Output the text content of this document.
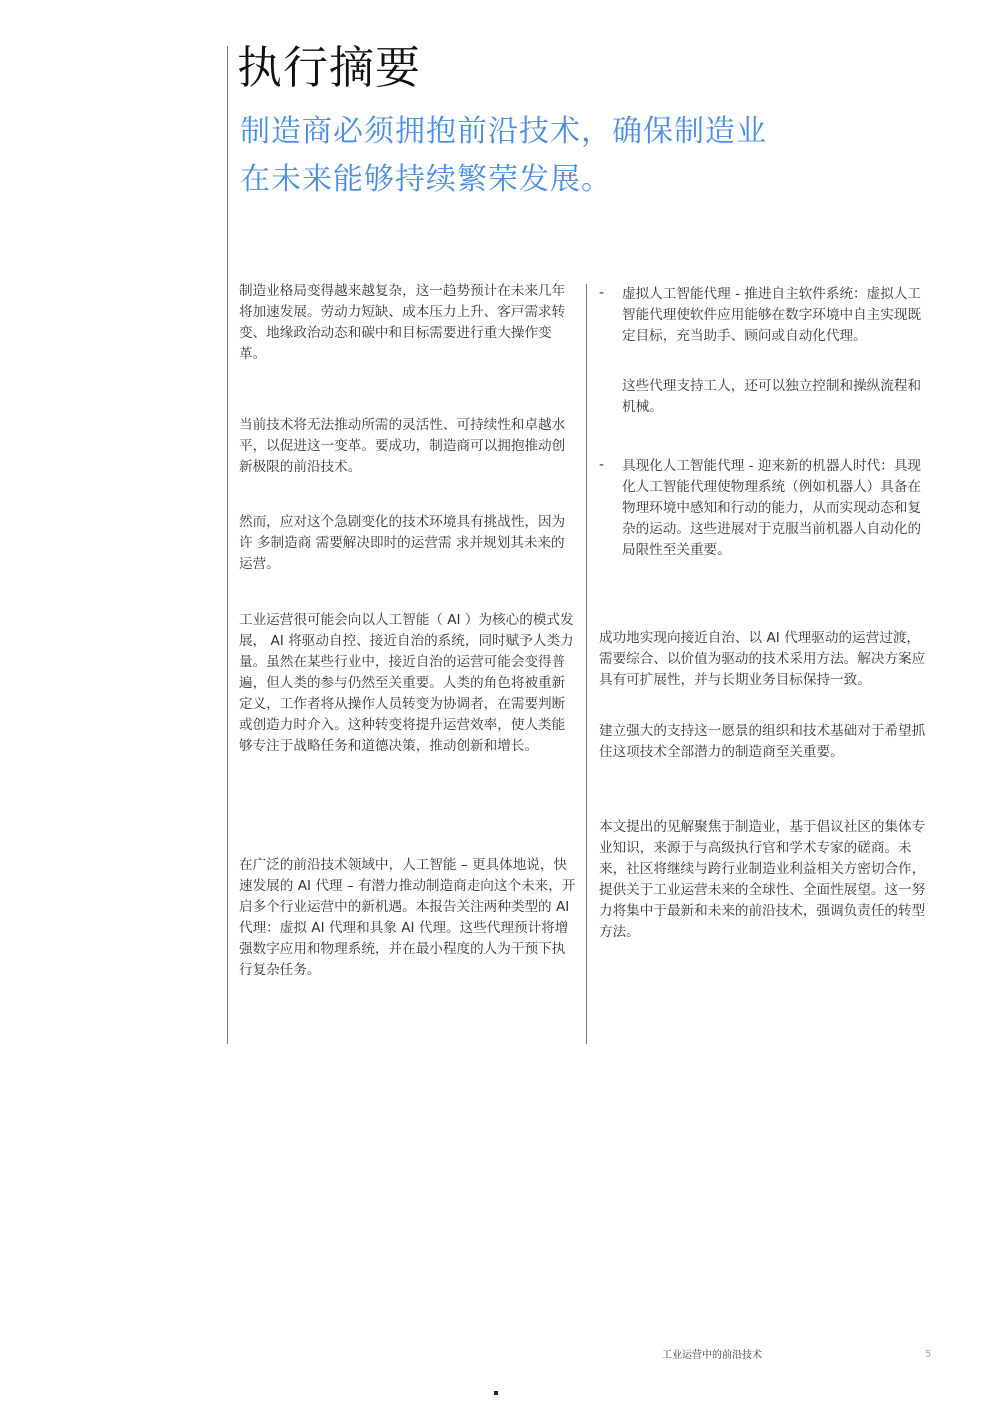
执行摘要
制造商必须拥抱前沿技术，确保制造业
在未来能够持续繁荣发展。

制造业格局变得越来越复杂，这一趋势预计在未来几年将加速发展。劳动力短缺、成本压力上升、客戸需求转变、地缘政治动态和碳中和目标需要进行重大操作变革。

当前技术将无法推动所需的灵活性、可持续性和卓越水平，以促进这一变革。要成功，制造商可以拥抱推动创新极限的前沿技术。

然而，应对这个急剧变化的技术环境具有挑战性，因为许 多制造商 需要解决即时的运营需 求并规划其未来的运营。

工业运营很可能会向以人工智能（ AI ）为核心的模式发展， AI 将驱动自控、接近自治的系统，同时赋予人类力量。虽然在某些行业中，接近自治的运营可能会变得普遍，但人类的参与仍然至关重要。人类的角色将被重新定义，工作者将从操作人员转变为协调者，在需要判断或创造力时介入。这种转变将提升运营效率，使人类能够专注于战略任务和道德决策，推动创新和增长。

在广泛的前沿技术领域中，人工智能 – 更具体地说，快速发展的 AI 代理 – 有潜力推动制造商走向这个未来，开启多个行业运营中的新机遇。本报告关注两种类型的 AI 代理：虚拟 AI 代理和具象 AI 代理。这些代理预计将增强数字应用和物理系统，并在最小程度的人为干预下执行复杂任务。

- 虚拟人工智能代理 - 推进自主软件系统：虚拟人工智能代理使软件应用能够在数字环境中自主实现既定目标，充当助手、顾问或自动化代理。

这些代理支持工人，还可以独立控制和操纵流程和机械。

- 具现化人工智能代理 - 迎来新的机器人时代：具现化人工智能代理使物理系统（例如机器人）具备在物理环境中感知和行动的能力，从而实现动态和复杂的运动。这些进展对于克服当前机器人自动化的局限性至关重要。

成功地实现向接近自治、以 AI 代理驱动的运营过渡，需要综合、以价值为驱动的技术采用方法。解决方案应具有可扩展性，并与长期业务目标保持一致。

建立强大的支持这一愿景的组织和技术基础对于希望抓住这项技术全部潜力的制造商至关重要。

本文提出的见解聚焦于制造业，基于倡议社区的集体专业知识，来源于与高级执行官和学术专家的磋商。未来，社区将继续与跨行业制造业利益相关方密切合作，提供关于工业运营未来的全球性、全面性展望。这一努力将集中于最新和未来的前沿技术，强调负责任的转型方法。

工业运营中的前沿技术	5
